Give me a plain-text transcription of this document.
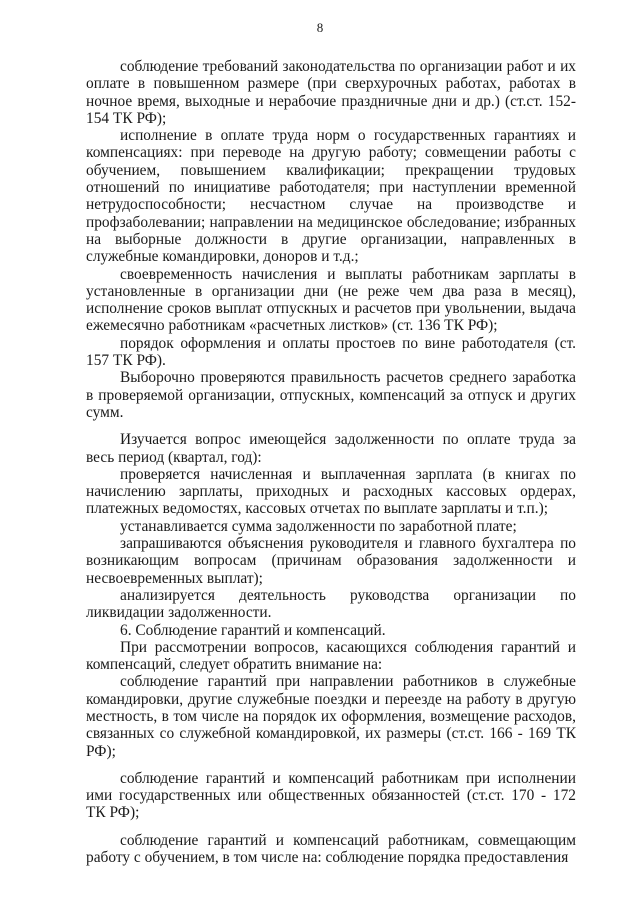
8

соблюдение требований законодательства по организации работ и их оплате в повышенном размере (при сверхурочных работах, работах в ночное время, выходные и нерабочие праздничные дни и др.) (ст.ст. 152-154 ТК РФ);

исполнение в оплате труда норм о государственных гарантиях и компенсациях: при переводе на другую работу; совмещении работы с обучением, повышением квалификации; прекращении трудовых отношений по инициативе работодателя; при наступлении временной нетрудоспособности; несчастном случае на производстве и профзаболевании; направлении на медицинское обследование; избранных на выборные должности в другие организации, направленных в служебные командировки, доноров и т.д.;

своевременность начисления и выплаты работникам зарплаты в установленные в организации дни (не реже чем два раза в месяц), исполнение сроков выплат отпускных и расчетов при увольнении, выдача ежемесячно работникам «расчетных листков» (ст. 136 ТК РФ);

порядок оформления и оплаты простоев по вине работодателя (ст. 157 ТК РФ).

Выборочно проверяются правильность расчетов среднего заработка в проверяемой организации, отпускных, компенсаций за отпуск и других сумм.

Изучается вопрос имеющейся задолженности по оплате труда за весь период (квартал, год):

проверяется начисленная и выплаченная зарплата (в книгах по начислению зарплаты, приходных и расходных кассовых ордерах, платежных ведомостях, кассовых отчетах по выплате зарплаты и т.п.);

устанавливается сумма задолженности по заработной плате;

запрашиваются объяснения руководителя и главного бухгалтера по возникающим вопросам (причинам образования задолженности и несвоевременных выплат);

анализируется деятельность руководства организации по ликвидации задолженности.

6. Соблюдение гарантий и компенсаций.

При рассмотрении вопросов, касающихся соблюдения гарантий и компенсаций, следует обратить внимание на:

соблюдение гарантий при направлении работников в служебные командировки, другие служебные поездки и переезде на работу в другую местность, в том числе на порядок их оформления, возмещение расходов, связанных со служебной командировкой, их размеры (ст.ст. 166 - 169 ТК РФ);

соблюдение гарантий и компенсаций работникам при исполнении ими государственных или общественных обязанностей (ст.ст. 170 - 172 ТК РФ);

соблюдение гарантий и компенсаций работникам, совмещающим работу с обучением, в том числе на: соблюдение порядка предоставления
